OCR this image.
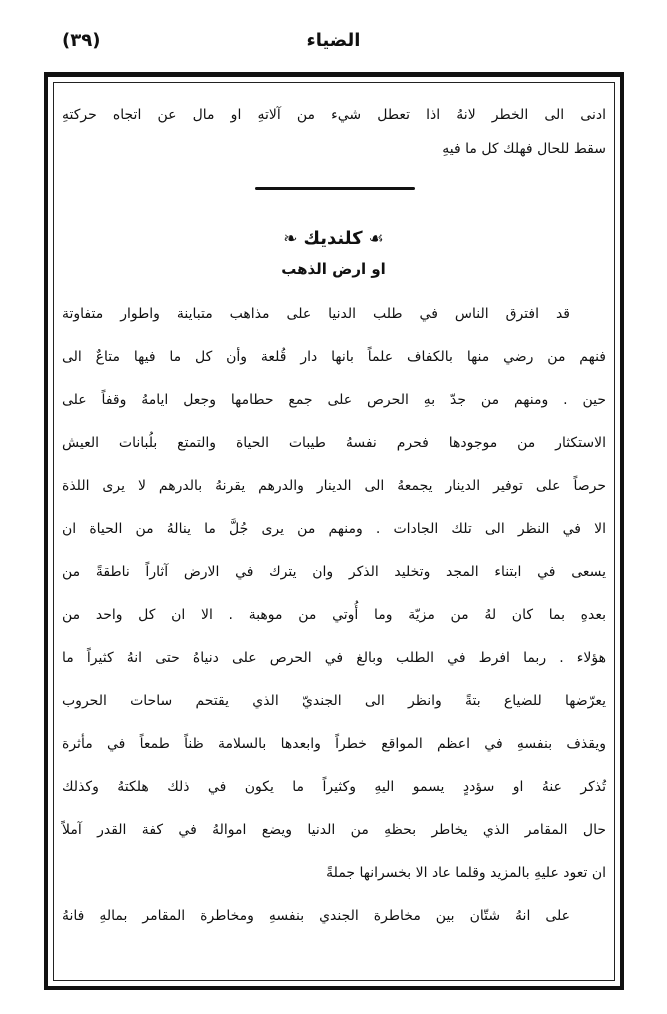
الضياء
(٣٩)
ادنى الى الخطر لانهُ اذا تعطل شيء من آلاتهِ او مال عن اتجاه حركتهِ
سقط للحال فهلك كل ما فيهِ
☙كلنديك❧
او ارض الذهب
قد افترق الناس في طلب الدنيا على مذاهب متباينة واطوار متفاوتة
فنهم من رضي منها بالكفاف علماً بانها دار قُلعة وأن كل ما فيها متاعٌ الى
حين . ومنهم من جدّ بهِ الحرص على جمع حطامها وجعل ايامهُ وقفاً على
الاستكثار من موجودها فحرم نفسهُ طيبات الحياة والتمتع بلُبانات العيش
حرصاً على توفير الدينار يجمعهُ الى الدينار والدرهم يقرنهُ بالدرهم لا يرى اللذة
الا في النظر الى تلك الجادات . ومنهم من يرى جُلَّ ما ينالهُ من الحياة ان
يسعى في ابتناء المجد وتخليد الذكر وان يترك في الارض آثاراً ناطقةً من
بعدهِ بما كان لهُ من مزيّة وما أُوتي من موهبة . الا ان كل واحد من
هؤلاء . ربما افرط في الطلب وبالغ في الحرص على دنياهُ حتى انهُ كثيراً ما
يعرّضها للضياع بتةً وانظر الى الجنديّ الذي يقتحم ساحات الحروب
ويقذف بنفسهِ في اعظم المواقع خطراً وابعدها بالسلامة ظناً طمعاً في مأثرة
تُذكر عنهُ او سؤددٍ يسمو اليهِ وكثيراً ما يكون في ذلك هلكتهُ وكذلك
حال المقامر الذي يخاطر بحظهِ من الدنيا ويضع اموالهُ في كفة القدر آملاً
ان تعود عليهِ بالمزيد وقلما عاد الا بخسرانها جملةً
على انهُ شتّان بين مخاطرة الجندي بنفسهِ ومخاطرة المقامر بمالهِ فانهُ
